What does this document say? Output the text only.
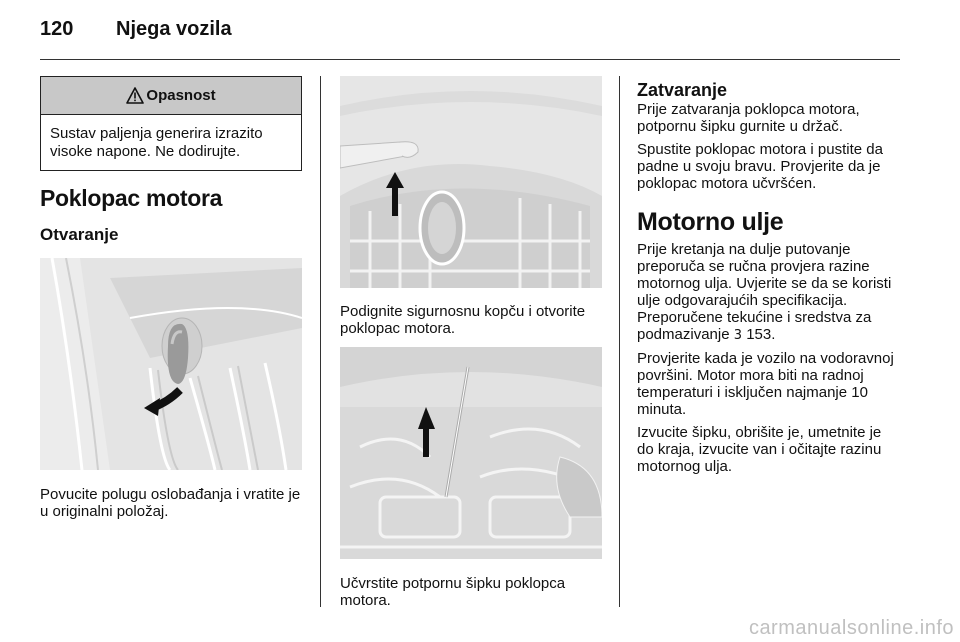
120 Njega vozila
Opasnost
Sustav paljenja generira izrazito visoke napone. Ne dodirujte.
Poklopac motora
Otvaranje

Povucite polugu oslobađanja i vratite je u originalni položaj.

Podignite sigurnosnu kopču i otvorite poklopac motora.

Učvrstite potpornu šipku poklopca motora.

Zatvaranje

Prije zatvaranja poklopca motora, potpornu šipku gurnite u držač.

Spustite poklopac motora i pustite da padne u svoju bravu. Provjerite da je poklopac motora učvršćen.

Motorno ulje

Prije kretanja na dulje putovanje preporuča se ručna provjera razine motornog ulja. Uvjerite se da se koristi ulje odgovarajućih specifikacija. Preporučene tekućine i sredstva za podmazivanje 3 153.

Provjerite kada je vozilo na vodoravnoj površini. Motor mora biti na radnoj temperaturi i isključen najmanje 10 minuta.

Izvucite šipku, obrišite je, umetnite je do kraja, izvucite van i očitajte razinu motornog ulja.

carmanualsonline.info
